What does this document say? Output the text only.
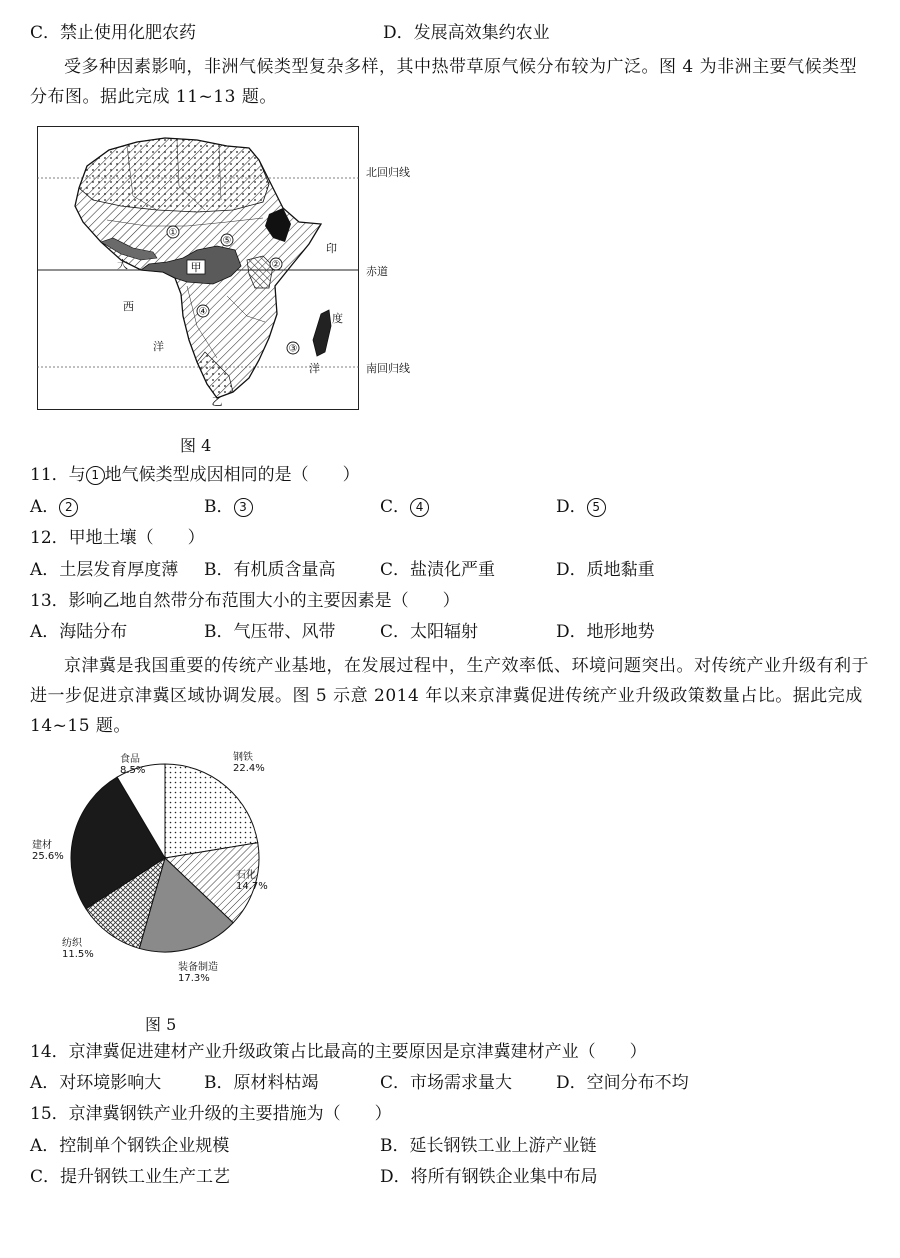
C．禁止使用化肥农药	D．发展高效集约农业
受多种因素影响，非洲气候类型复杂多样，其中热带草原气候分布较为广泛。图 4 为非洲主要气候类型分布图。据此完成 11~13 题。
①
②
③
④
⑤
甲
乙
大
西
洋
印
度
洋
北回归线
赤道
南回归线
图 4
11．与 1 地气候类型成因相同的是（　　）
A． 2	B． 3	C． 4	D． 5
12．甲地土壤（　　）
A．土层发育厚度薄 B．有机质含量高	C．盐渍化严重	D．质地黏重
13．影响乙地自然带分布范围大小的主要因素是（　　）
A．海陆分布	B．气压带、风带	C．太阳辐射	D．地形地势
京津冀是我国重要的传统产业基地，在发展过程中，生产效率低、环境问题突出。对传统产业升级有利于进一步促进京津冀区域协调发展。图 5 示意 2014 年以来京津冀促进传统产业升级政策数量占比。据此完成 14~15 题。
钢铁
22.4%
石化
14.7%
装备制造
17.3%
纺织
11.5%
建材
25.6%
食品
8.5%
图 5
14．京津冀促进建材产业升级政策占比最高的主要原因是京津冀建材产业（　　）
A．对环境影响大	B．原材料枯竭	C．市场需求量大	D．空间分布不均
15．京津冀钢铁产业升级的主要措施为（　　）
A．控制单个钢铁企业规模	B．延长钢铁工业上游产业链
C．提升钢铁工业生产工艺	D．将所有钢铁企业集中布局
